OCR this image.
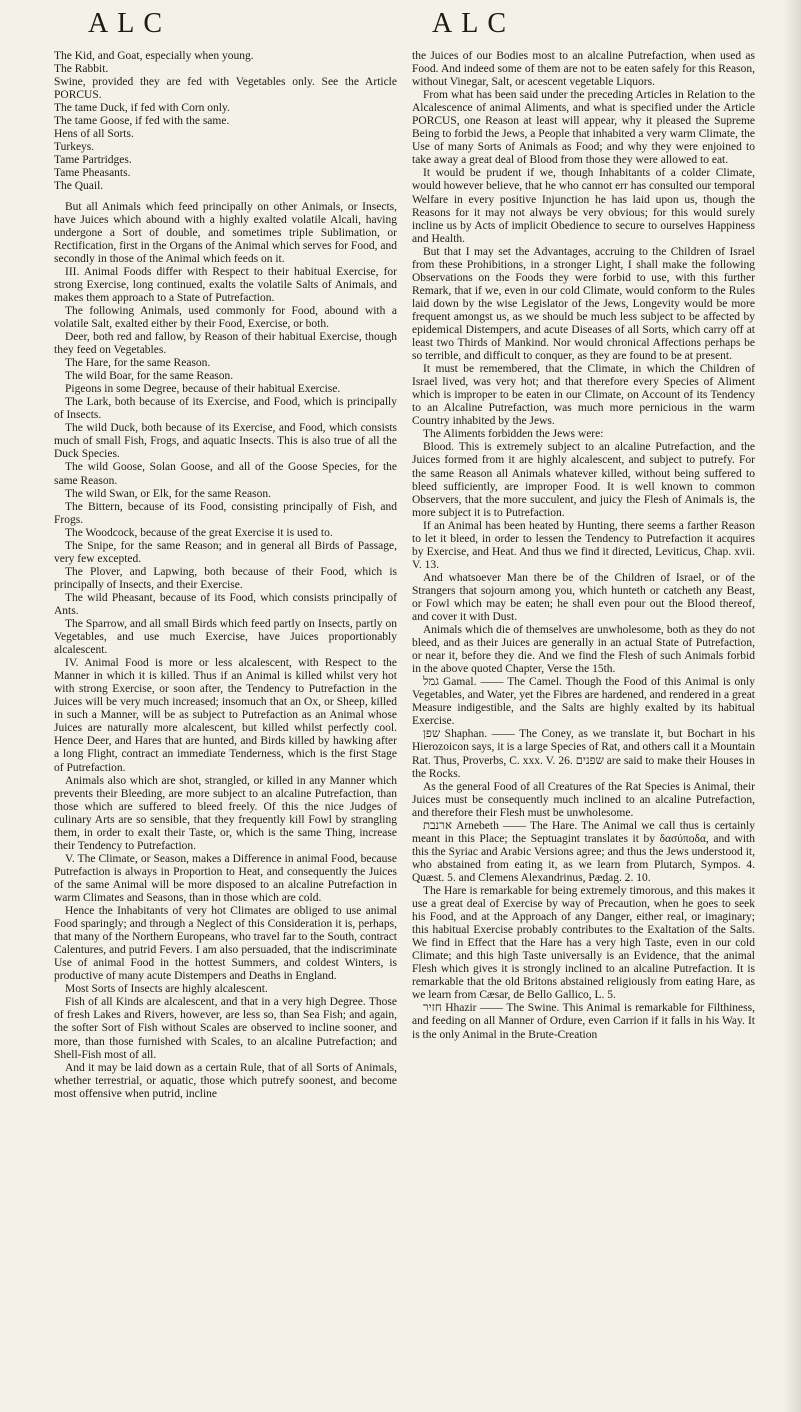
ALC	ALC

The Kid, and Goat, especially when young.

The Rabbit.

Swine, provided they are fed with Vegetables only. See the Article PORCUS.

The tame Duck, if fed with Corn only.

The tame Goose, if fed with the same.

Hens of all Sorts.

Turkeys.

Tame Partridges.

Tame Pheasants.

The Quail.

But all Animals which feed principally on other Animals, or Insects, have Juices which abound with a highly exalted volatile Alcali, having undergone a Sort of double, and sometimes triple Sublimation, or Rectification, first in the Organs of the Animal which serves for Food, and secondly in those of the Animal which feeds on it.

III. Animal Foods differ with Respect to their habitual Exercise, for strong Exercise, long continued, exalts the volatile Salts of Animals, and makes them approach to a State of Putrefaction.

The following Animals, used commonly for Food, abound with a volatile Salt, exalted either by their Food, Exercise, or both.

Deer, both red and fallow, by Reason of their habitual Exercise, though they feed on Vegetables.

The Hare, for the same Reason.

The wild Boar, for the same Reason.

Pigeons in some Degree, because of their habitual Exercise.

The Lark, both because of its Exercise, and Food, which is principally of Insects.

The wild Duck, both because of its Exercise, and Food, which consists much of small Fish, Frogs, and aquatic Insects. This is also true of all the Duck Species.

The wild Goose, Solan Goose, and all of the Goose Species, for the same Reason.

The wild Swan, or Elk, for the same Reason.

The Bittern, because of its Food, consisting principally of Fish, and Frogs.

The Woodcock, because of the great Exercise it is used to.

The Snipe, for the same Reason; and in general all Birds of Passage, very few excepted.

The Plover, and Lapwing, both because of their Food, which is principally of Insects, and their Exercise.

The wild Pheasant, because of its Food, which consists principally of Ants.

The Sparrow, and all small Birds which feed partly on Insects, partly on Vegetables, and use much Exercise, have Juices proportionably alcalescent.

IV. Animal Food is more or less alcalescent, with Respect to the Manner in which it is killed. Thus if an Animal is killed whilst very hot with strong Exercise, or soon after, the Tendency to Putrefaction in the Juices will be very much increased; insomuch that an Ox, or Sheep, killed in such a Manner, will be as subject to Putrefaction as an Animal whose Juices are naturally more alcalescent, but killed whilst perfectly cool. Hence Deer, and Hares that are hunted, and Birds killed by hawking after a long Flight, contract an immediate Tenderness, which is the first Stage of Putrefaction.

Animals also which are shot, strangled, or killed in any Manner which prevents their Bleeding, are more subject to an alcaline Putrefaction, than those which are suffered to bleed freely. Of this the nice Judges of culinary Arts are so sensible, that they frequently kill Fowl by strangling them, in order to exalt their Taste, or, which is the same Thing, increase their Tendency to Putrefaction.

V. The Climate, or Season, makes a Difference in animal Food, because Putrefaction is always in Proportion to Heat, and consequently the Juices of the same Animal will be more disposed to an alcaline Putrefaction in warm Climates and Seasons, than in those which are cold.

Hence the Inhabitants of very hot Climates are obliged to use animal Food sparingly; and through a Neglect of this Consideration it is, perhaps, that many of the Northern Europeans, who travel far to the South, contract Calentures, and putrid Fevers. I am also persuaded, that the indiscriminate Use of animal Food in the hottest Summers, and coldest Winters, is productive of many acute Distempers and Deaths in England.

Most Sorts of Insects are highly alcalescent.

Fish of all Kinds are alcalescent, and that in a very high Degree. Those of fresh Lakes and Rivers, however, are less so, than Sea Fish; and again, the softer Sort of Fish without Scales are observed to incline sooner, and more, than those furnished with Scales, to an alcaline Putrefaction; and Shell-Fish most of all.

And it may be laid down as a certain Rule, that of all Sorts of Animals, whether terrestrial, or aquatic, those which putrefy soonest, and become most offensive when putrid, incline

the Juices of our Bodies most to an alcaline Putrefaction, when used as Food. And indeed some of them are not to be eaten safely for this Reason, without Vinegar, Salt, or acescent vegetable Liquors.

From what has been said under the preceding Articles in Relation to the Alcalescence of animal Aliments, and what is specified under the Article PORCUS, one Reason at least will appear, why it pleased the Supreme Being to forbid the Jews, a People that inhabited a very warm Climate, the Use of many Sorts of Animals as Food; and why they were enjoined to take away a great deal of Blood from those they were allowed to eat.

It would be prudent if we, though Inhabitants of a colder Climate, would however believe, that he who cannot err has consulted our temporal Welfare in every positive Injunction he has laid upon us, though the Reasons for it may not always be very obvious; for this would surely incline us by Acts of implicit Obedience to secure to ourselves Happiness and Health.

But that I may set the Advantages, accruing to the Children of Israel from these Prohibitions, in a stronger Light, I shall make the following Observations on the Foods they were forbid to use, with this further Remark, that if we, even in our cold Climate, would conform to the Rules laid down by the wise Legislator of the Jews, Longevity would be more frequent amongst us, as we should be much less subject to be affected by epidemical Distempers, and acute Diseases of all Sorts, which carry off at least two Thirds of Mankind. Nor would chronical Affections perhaps be so terrible, and difficult to conquer, as they are found to be at present.

It must be remembered, that the Climate, in which the Children of Israel lived, was very hot; and that therefore every Species of Aliment which is improper to be eaten in our Climate, on Account of its Tendency to an Alcaline Putrefaction, was much more pernicious in the warm Country inhabited by the Jews.

The Aliments forbidden the Jews were:

Blood. This is extremely subject to an alcaline Putrefaction, and the Juices formed from it are highly alcalescent, and subject to putrefy. For the same Reason all Animals whatever killed, without being suffered to bleed sufficiently, are improper Food. It is well known to common Observers, that the more succulent, and juicy the Flesh of Animals is, the more subject it is to Putrefaction.

If an Animal has been heated by Hunting, there seems a farther Reason to let it bleed, in order to lessen the Tendency to Putrefaction it acquires by Exercise, and Heat. And thus we find it directed, Leviticus, Chap. xvii. V. 13.

And whatsoever Man there be of the Children of Israel, or of the Strangers that sojourn among you, which hunteth or catcheth any Beast, or Fowl which may be eaten; he shall even pour out the Blood thereof, and cover it with Dust.

Animals which die of themselves are unwholesome, both as they do not bleed, and as their Juices are generally in an actual State of Putrefaction, or near it, before they die. And we find the Flesh of such Animals forbid in the above quoted Chapter, Verse the 15th.

גמל Gamal. —— The Camel. Though the Food of this Animal is only Vegetables, and Water, yet the Fibres are hardened, and rendered in a great Measure indigestible, and the Salts are highly exalted by its habitual Exercise.

שפן Shaphan. —— The Coney, as we translate it, but Bochart in his Hierozoicon says, it is a large Species of Rat, and others call it a Mountain Rat. Thus, Proverbs, C. xxx. V. 26. שפנים are said to make their Houses in the Rocks.

As the general Food of all Creatures of the Rat Species is Animal, their Juices must be consequently much inclined to an alcaline Putrefaction, and therefore their Flesh must be unwholesome.

ארנבת Arnebeth —— The Hare. The Animal we call thus is certainly meant in this Place; the Septuagint translates it by δασύποδα, and with this the Syriac and Arabic Versions agree; and thus the Jews understood it, who abstained from eating it, as we learn from Plutarch, Sympos. 4. Quæst. 5. and Clemens Alexandrinus, Pædag. 2. 10.

The Hare is remarkable for being extremely timorous, and this makes it use a great deal of Exercise by way of Precaution, when he goes to seek his Food, and at the Approach of any Danger, either real, or imaginary; this habitual Exercise probably contributes to the Exaltation of the Salts. We find in Effect that the Hare has a very high Taste, even in our cold Climate; and this high Taste universally is an Evidence, that the animal Flesh which gives it is strongly inclined to an alcaline Putrefaction. It is remarkable that the old Britons abstained religiously from eating Hare, as we learn from Cæsar, de Bello Gallico, L. 5.

חזיר Hhazir —— The Swine. This Animal is remarkable for Filthiness, and feeding on all Manner of Ordure, even Carrion if it falls in his Way. It is the only Animal in the Brute-Creation
